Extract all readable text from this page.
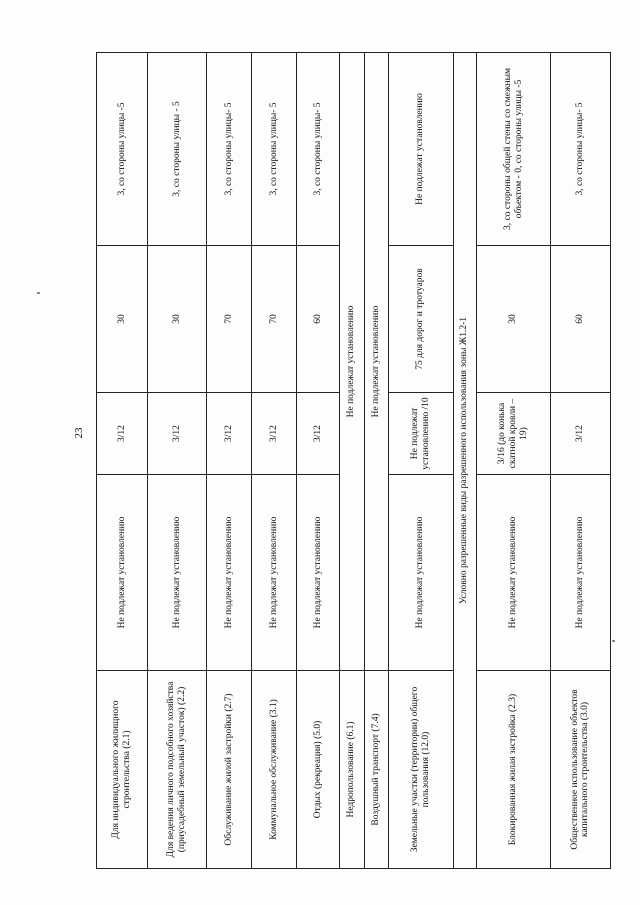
23
Для индивидуального жилищного строительства (2.1)	Не подлежат установлению	3/12	30	3, со стороны улицы -5
Для ведения личного подсобного хозяйства (приусадебный земельный участок) (2.2)	Не подлежат установлению	3/12	30	3, со стороны улицы - 5
Обслуживание жилой застройки (2.7)	Не подлежат установлению	3/12	70	3, со стороны улицы- 5
Коммунальное обслуживание (3.1)	Не подлежат установлению	3/12	70	3, со стороны улицы- 5
Отдых (рекреация) (5.0)	Не подлежат установлению	3/12	60	3, со стороны улицы- 5
Недропользование (6.1)	Не подлежат установлению			
Воздушный транспорт (7.4)	Не подлежат установлению			
Земельные участки (территории) общего пользования (12.0)	Не подлежат установлению	Не подлежат установлению /10	75 для дорог и тротуаров	Не подлежат установлению
Условно разрешенные виды разрешенного использования зоны Ж1.2-1				
Блокированная жилая застройка (2.3)	Не подлежат установлению	3/16 (до конька скатной кровли – 19)	30	3, со стороны общей стены со смежным объектом - 0, со стороны улицы -5
Общественное использование объектов капитального строительства (3.0)	Не подлежат установлению	3/12	60	3, со стороны улицы- 5
